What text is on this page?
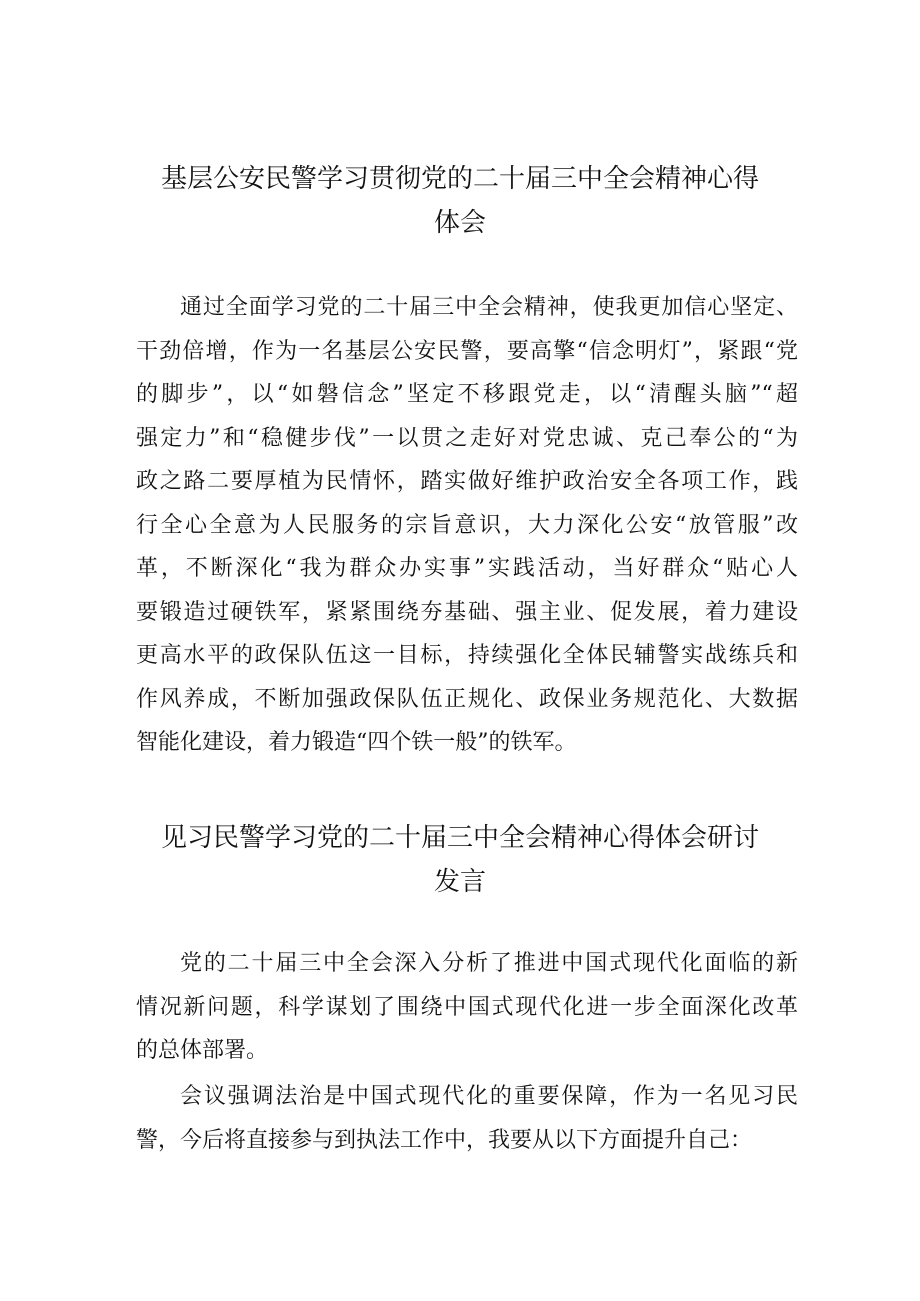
基层公安民警学习贯彻党的二十届三中全会精神心得
体会

通过全面学习党的二十届三中全会精神，使我更加信心坚定、
干劲倍增，作为一名基层公安民警，要高擎“信念明灯”，紧跟“党
的脚步”，以“如磐信念”坚定不移跟党走，以“清醒头脑”“超
强定力”和“稳健步伐”一以贯之走好对党忠诚、克己奉公的“为
政之路二要厚植为民情怀，踏实做好维护政治安全各项工作，践
行全心全意为人民服务的宗旨意识，大力深化公安“放管服”改
革，不断深化“我为群众办实事”实践活动，当好群众“贴心人
要锻造过硬铁军，紧紧围绕夯基础、强主业、促发展，着力建设
更高水平的政保队伍这一目标，持续强化全体民辅警实战练兵和
作风养成，不断加强政保队伍正规化、政保业务规范化、大数据
智能化建设，着力锻造“四个铁一般”的铁军。

见习民警学习党的二十届三中全会精神心得体会研讨
发言

党的二十届三中全会深入分析了推进中国式现代化面临的新
情况新问题，科学谋划了围绕中国式现代化进一步全面深化改革
的总体部署。

会议强调法治是中国式现代化的重要保障，作为一名见习民
警，今后将直接参与到执法工作中，我要从以下方面提升自己：
